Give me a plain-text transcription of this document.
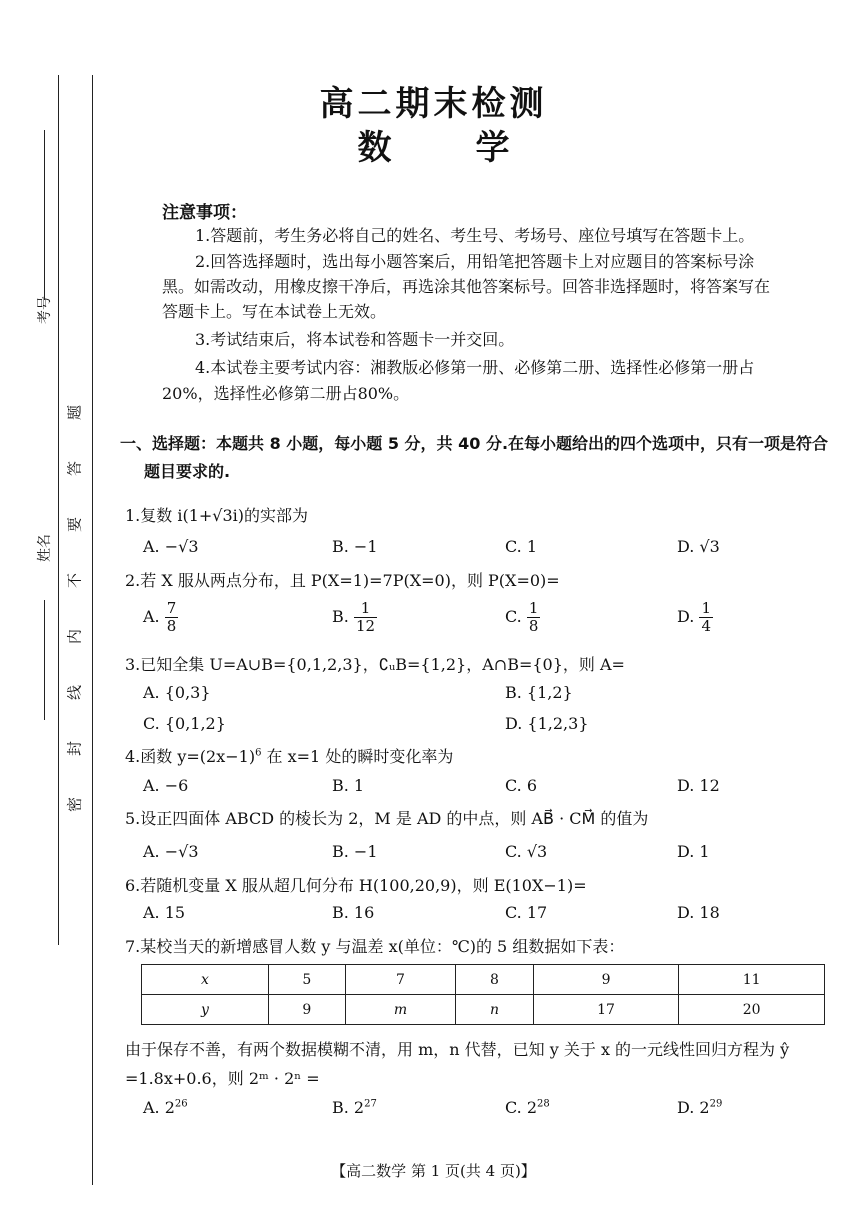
考号
姓名
题
答
要
不
内
线
封
密
高二期末检测
数 学
注意事项：
1.答题前，考生务必将自己的姓名、考生号、考场号、座位号填写在答题卡上。
2.回答选择题时，选出每小题答案后，用铅笔把答题卡上对应题目的答案标号涂
黑。如需改动，用橡皮擦干净后，再选涂其他答案标号。回答非选择题时，将答案写在
答题卡上。写在本试卷上无效。
3.考试结束后，将本试卷和答题卡一并交回。
4.本试卷主要考试内容：湘教版必修第一册、必修第二册、选择性必修第一册占
20%，选择性必修第二册占80%。
一、选择题：本题共 8 小题，每小题 5 分，共 40 分.在每小题给出的四个选项中，只有一项是符合
题目要求的.
1.复数 i(1+√3i)的实部为
A. −√3	B. −1	C. 1	D. √3
2.若 X 服从两点分布，且 P(X=1)=7P(X=0)，则 P(X=0)=
A. $\frac{7}{8}$	B. $\frac{1}{12}$	C. $\frac{1}{8}$	D. $\frac{1}{4}$
3.已知全集 U=A∪B={0,1,2,3}，∁ᵤB={1,2}，A∩B={0}，则 A=
A. {0,3}	B. {1,2}
C. {0,1,2}	D. {1,2,3}
4.函数 $y=(2x-1)^6$ 在 x=1 处的瞬时变化率为
A. −6	B. 1	C. 6	D. 12
5.设正四面体 ABCD 的棱长为 2，M 是 AD 的中点，则 AB⃗ · CM⃗ 的值为
A. −√3	B. −1	C. √3	D. 1
6.若随机变量 X 服从超几何分布 H(100,20,9)，则 E(10X−1)=
A. 15	B. 16	C. 17	D. 18
7.某校当天的新增感冒人数 y 与温差 x(单位：℃)的 5 组数据如下表：
x	5	7	8	9	11
y	9	m	n	17	20
由于保存不善，有两个数据模糊不清，用 m，n 代替，已知 y 关于 x 的一元线性回归方程为 ŷ
=1.8x+0.6，则 2ᵐ · 2ⁿ =
A. $2^{26}$	B. $2^{27}$	C. $2^{28}$	D. $2^{29}$
【高二数学 第 1 页(共 4 页)】
